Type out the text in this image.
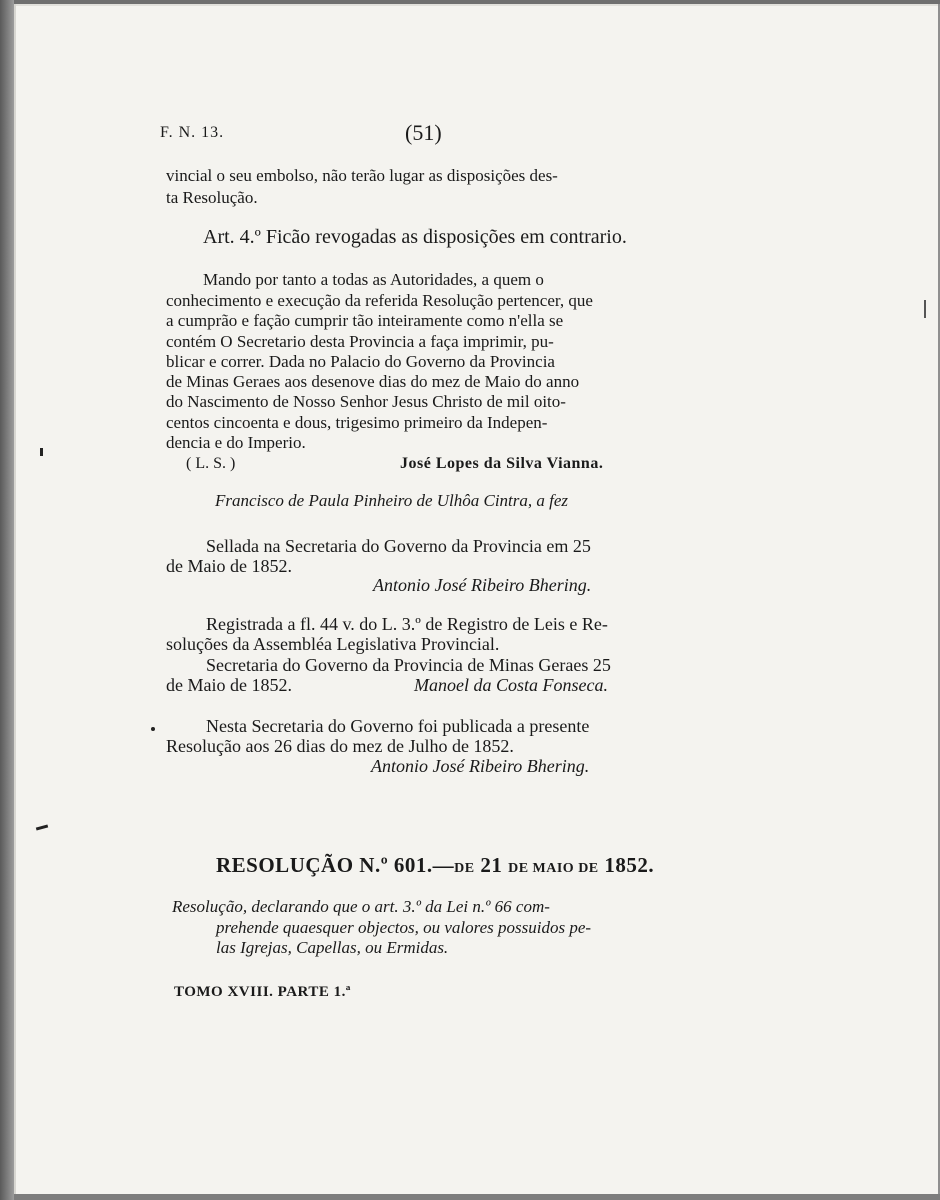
F. N. 13.	(51)
vincial o seu embolso, não terão lugar as disposições des-
ta Resolução.
Art. 4.º Ficão revogadas as disposições em contrario.
Mando por tanto a todas as Autoridades, a quem o
conhecimento e execução da referida Resolução pertencer, que
a cumprão e fação cumprir tão inteiramente como n'ella se
contém O Secretario desta Provincia a faça imprimir, pu-
blicar e correr. Dada no Palacio do Governo da Provincia
de Minas Geraes aos desenove dias do mez de Maio do anno
do Nascimento de Nosso Senhor Jesus Christo de mil oito-
centos cincoenta e dous, trigesimo primeiro da Indepen-
dencia e do Imperio.
( L. S. )	José Lopes da Silva Vianna.
Francisco de Paula Pinheiro de Ulhôa Cintra, a fez
Sellada na Secretaria do Governo da Provincia em 25
de Maio de 1852.
Antonio José Ribeiro Bhering.
Registrada a fl. 44 v. do L. 3.º de Registro de Leis e Re-
soluções da Assembléa Legislativa Provincial.
Secretaria do Governo da Provincia de Minas Geraes 25
de Maio de 1852.	Manoel da Costa Fonseca.
Nesta Secretaria do Governo foi publicada a presente
Resolução aos 26 dias do mez de Julho de 1852.
Antonio José Ribeiro Bhering.
RESOLUÇÃO N.º 601.—DE 21 DE MAIO DE 1852.
Resolução, declarando que o art. 3.º da Lei n.º 66 com-
prehende quaesquer objectos, ou valores possuidos pe-
las Igrejas, Capellas, ou Ermidas.
TOMO XVIII. PARTE 1.ª
